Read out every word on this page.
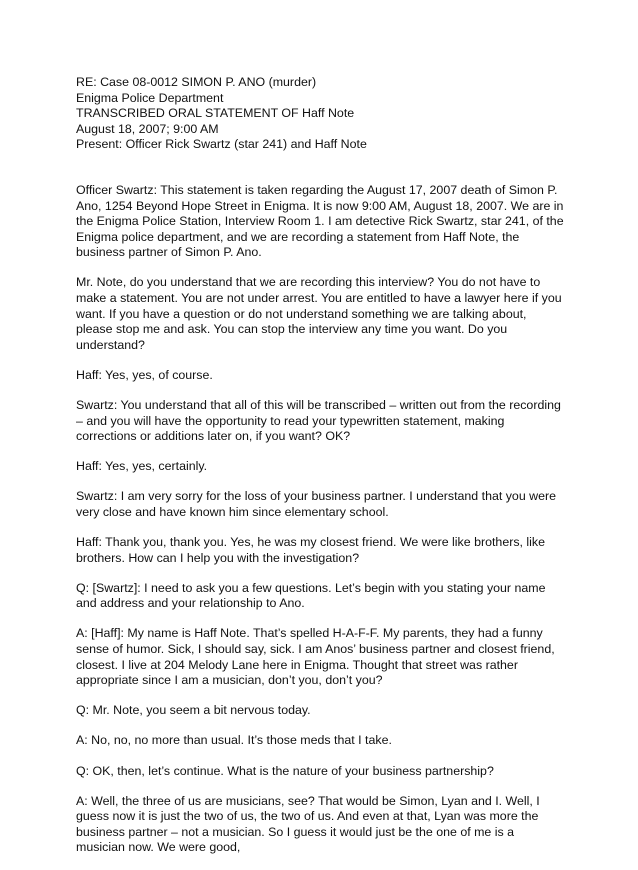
RE: Case 08-0012 SIMON P. ANO (murder)

Enigma Police Department

TRANSCRIBED ORAL STATEMENT OF Haff Note

August 18, 2007; 9:00 AM

Present: Officer Rick Swartz (star 241) and Haff Note

Officer Swartz: This statement is taken regarding the August 17, 2007 death of Simon P. Ano, 1254 Beyond Hope Street in Enigma. It is now 9:00 AM, August 18, 2007. We are in the Enigma Police Station, Interview Room 1. I am detective Rick Swartz, star 241, of the Enigma police department, and we are recording a statement from Haff Note, the business partner of Simon P. Ano.

Mr. Note, do you understand that we are recording this interview? You do not have to make a statement. You are not under arrest. You are entitled to have a lawyer here if you want. If you have a question or do not understand something we are talking about, please stop me and ask. You can stop the interview any time you want. Do you understand?

Haff: Yes, yes, of course.

Swartz: You understand that all of this will be transcribed – written out from the recording – and you will have the opportunity to read your typewritten statement, making corrections or additions later on, if you want? OK?

Haff: Yes, yes, certainly.

Swartz: I am very sorry for the loss of your business partner. I understand that you were very close and have known him since elementary school.

Haff: Thank you, thank you. Yes, he was my closest friend. We were like brothers, like brothers. How can I help you with the investigation?

Q: [Swartz]: I need to ask you a few questions. Let’s begin with you stating your name and address and your relationship to Ano.

A: [Haff]: My name is Haff Note. That’s spelled H-A-F-F. My parents, they had a funny sense of humor. Sick, I should say, sick. I am Anos’ business partner and closest friend, closest. I live at 204 Melody Lane here in Enigma. Thought that street was rather appropriate since I am a musician, don’t you, don’t you?

Q: Mr. Note, you seem a bit nervous today.

A: No, no, no more than usual. It’s those meds that I take.

Q: OK, then, let’s continue. What is the nature of your business partnership?

A: Well, the three of us are musicians, see? That would be Simon, Lyan and I. Well, I guess now it is just the two of us, the two of us. And even at that, Lyan was more the business partner – not a musician. So I guess it would just be the one of me is a musician now. We were good,
